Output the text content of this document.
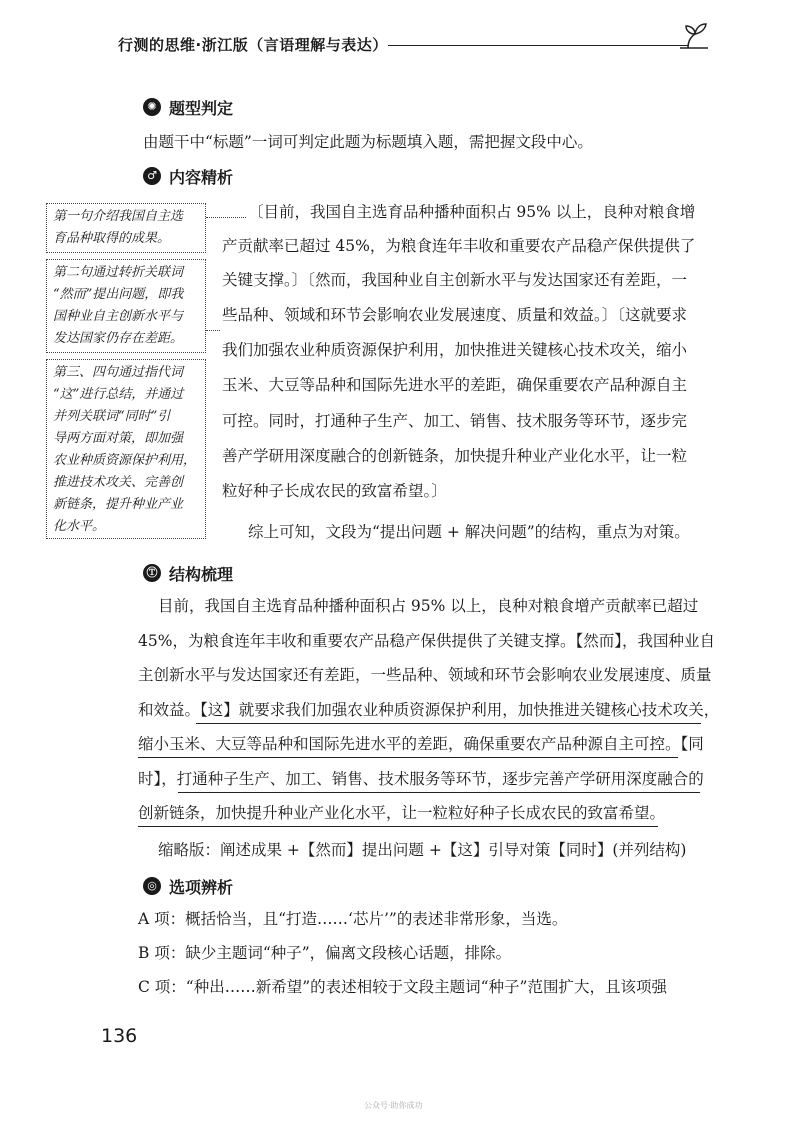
行测的思维·浙江版（言语理解与表达）
✺ 题型判定
由题干中“标题”一词可判定此题为标题填入题，需把握文段中心。
♂ 内容精析
第一句介绍我国自主选
育品种取得的成果。
第二句通过转折关联词
“然而”提出问题，即我
国种业自主创新水平与
发达国家仍存在差距。
第三、四句通过指代词
“这”进行总结，并通过
并列关联词“同时”引
导两方面对策，即加强
农业种质资源保护利用，
推进技术攻关、完善创
新链条，提升种业产业
化水平。
〔目前，我国自主选育品种播种面积占 95% 以上，良种对粮食增
产贡献率已超过 45%，为粮食连年丰收和重要农产品稳产保供提供了
关键支撑。〕〔然而，我国种业自主创新水平与发达国家还有差距，一
些品种、领域和环节会影响农业发展速度、质量和效益。〕〔这就要求
我们加强农业种质资源保护利用，加快推进关键核心技术攻关，缩小
玉米、大豆等品种和国际先进水平的差距，确保重要农产品种源自主
可控。同时，打通种子生产、加工、销售、技术服务等环节，逐步完
善产学研用深度融合的创新链条，加快提升种业产业化水平，让一粒
粒好种子长成农民的致富希望。〕
综上可知，文段为“提出问题 + 解决问题”的结构，重点为对策。
Ⓣ 结构梳理
目前，我国自主选育品种播种面积占 95% 以上，良种对粮食增产贡献率已超过
45%，为粮食连年丰收和重要农产品稳产保供提供了关键支撑。【然而】，我国种业自
主创新水平与发达国家还有差距，一些品种、领域和环节会影响农业发展速度、质量
和效益。【这】就要求我们加强农业种质资源保护利用，加快推进关键核心技术攻关，
缩小玉米、大豆等品种和国际先进水平的差距，确保重要农产品种源自主可控。【同
时】，打通种子生产、加工、销售、技术服务等环节，逐步完善产学研用深度融合的
创新链条，加快提升种业产业化水平，让一粒粒好种子长成农民的致富希望。
缩略版：阐述成果 +【然而】提出问题 +【这】引导对策【同时】(并列结构)
◎ 选项辨析
A 项：概括恰当，且“打造……‘芯片’”的表述非常形象，当选。
B 项：缺少主题词“种子”，偏离文段核心话题，排除。
C 项：“种出……新希望”的表述相较于文段主题词“种子”范围扩大，且该项强
136
公众号·助你成功
